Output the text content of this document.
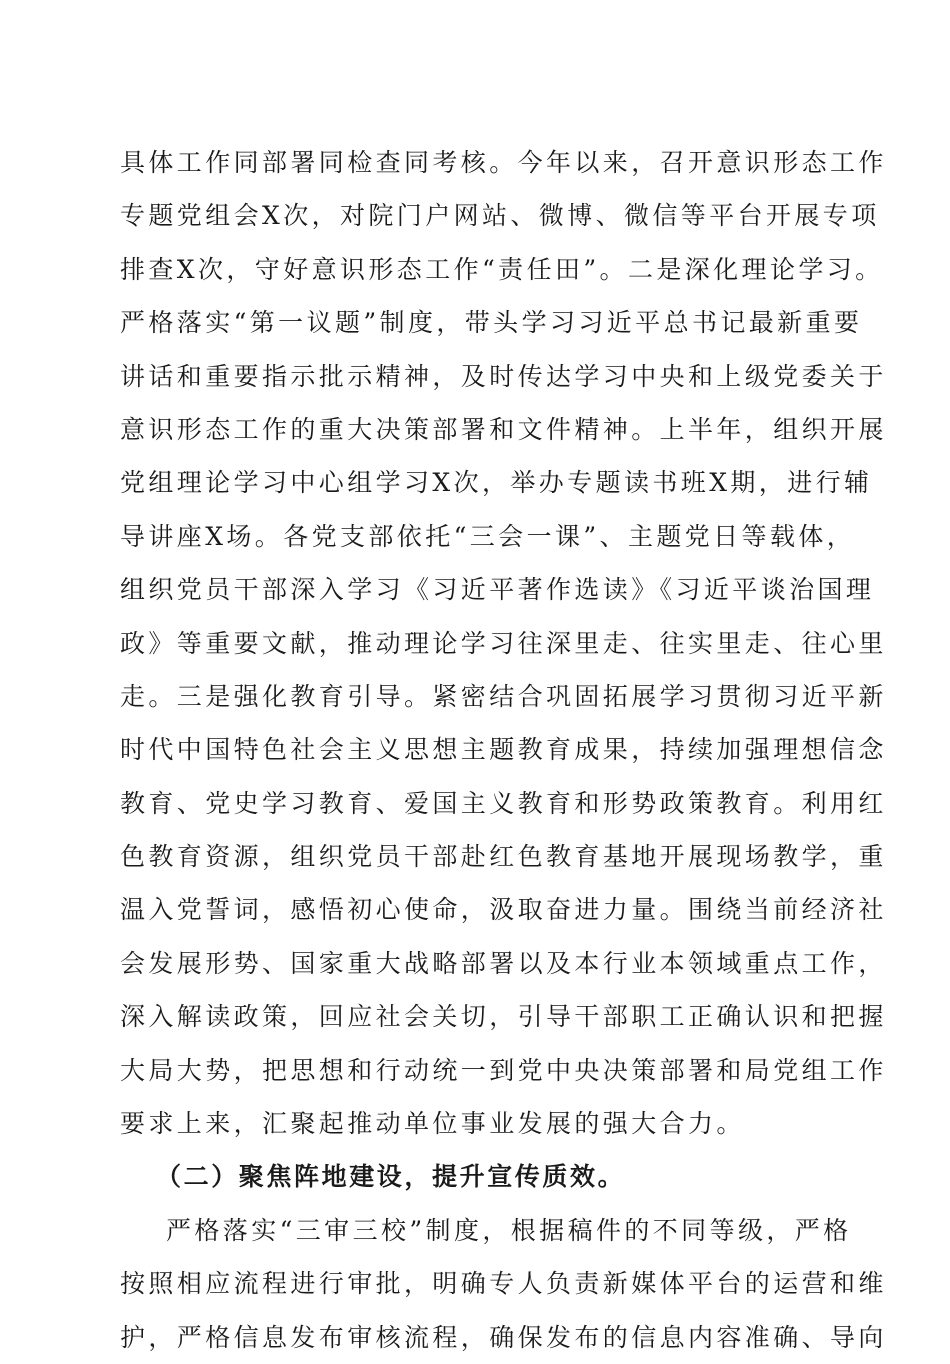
具体工作同部署同检查同考核。今年以来，召开意识形态工作
专题党组会X次，对院门户网站、微博、微信等平台开展专项
排查X次，守好意识形态工作“责任田”。二是深化理论学习。
严格落实“第一议题”制度，带头学习习近平总书记最新重要
讲话和重要指示批示精神，及时传达学习中央和上级党委关于
意识形态工作的重大决策部署和文件精神。上半年，组织开展
党组理论学习中心组学习X次，举办专题读书班X期，进行辅
导讲座X场。各党支部依托“三会一课”、主题党日等载体，
组织党员干部深入学习《习近平著作选读》《习近平谈治国理
政》等重要文献，推动理论学习往深里走、往实里走、往心里
走。三是强化教育引导。紧密结合巩固拓展学习贯彻习近平新
时代中国特色社会主义思想主题教育成果，持续加强理想信念
教育、党史学习教育、爱国主义教育和形势政策教育。利用红
色教育资源，组织党员干部赴红色教育基地开展现场教学，重
温入党誓词，感悟初心使命，汲取奋进力量。围绕当前经济社
会发展形势、国家重大战略部署以及本行业本领域重点工作，
深入解读政策，回应社会关切，引导干部职工正确认识和把握
大局大势，把思想和行动统一到党中央决策部署和局党组工作
要求上来，汇聚起推动单位事业发展的强大合力。
（二）聚焦阵地建设，提升宣传质效。
严格落实“三审三校”制度，根据稿件的不同等级，严格
按照相应流程进行审批，明确专人负责新媒体平台的运营和维
护，严格信息发布审核流程，确保发布的信息内容准确、导向
